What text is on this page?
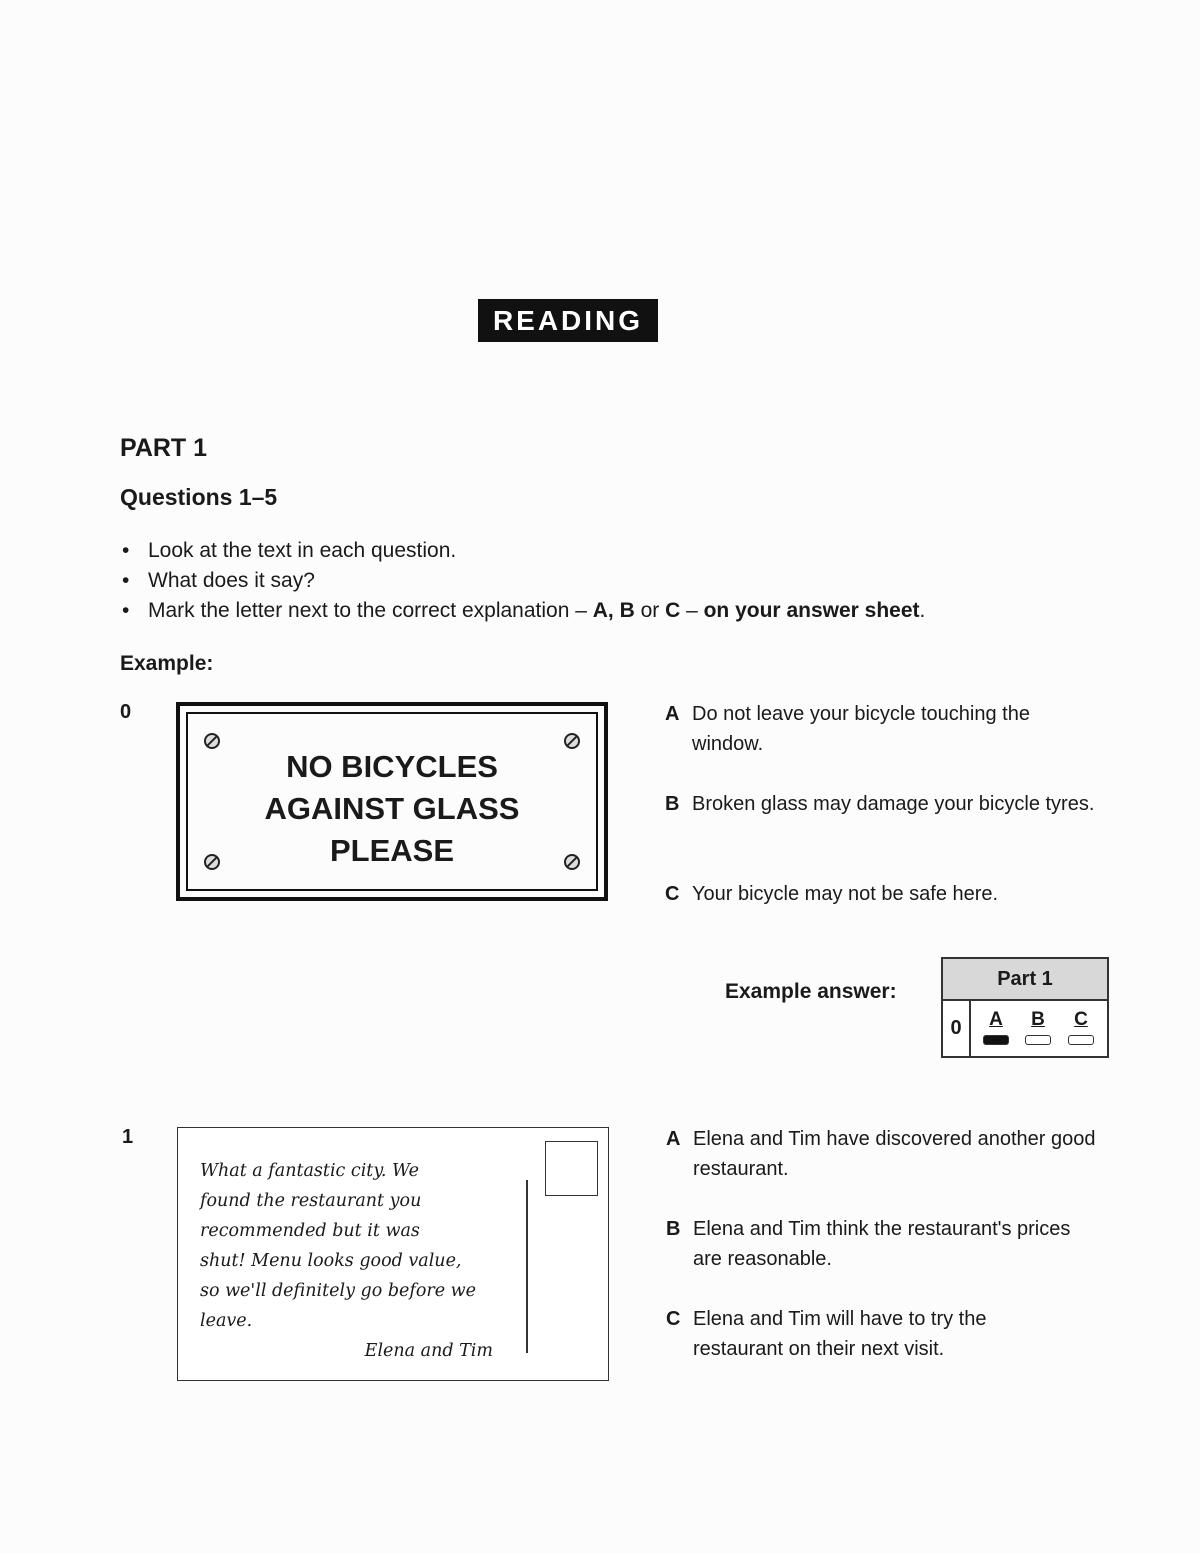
READING
PART 1
Questions 1–5
• Look at the text in each question.
• What does it say?
• Mark the letter next to the correct explanation – A, B or C – on your answer sheet.
Example:
0
NO BICYCLES
AGAINST GLASS
PLEASE
A Do not leave your bicycle touching the window.
B Broken glass may damage your bicycle tyres.
C Your bicycle may not be safe here.
Example answer:
Part 1
0	A	B	C
1

What a fantastic city. We
found the restaurant you
recommended but it was
shut! Menu looks good value,
so we'll definitely go before we
leave.

Elena and Tim
A Elena and Tim have discovered another good restaurant.
B Elena and Tim think the restaurant's prices are reasonable.
C Elena and Tim will have to try the restaurant on their next visit.
